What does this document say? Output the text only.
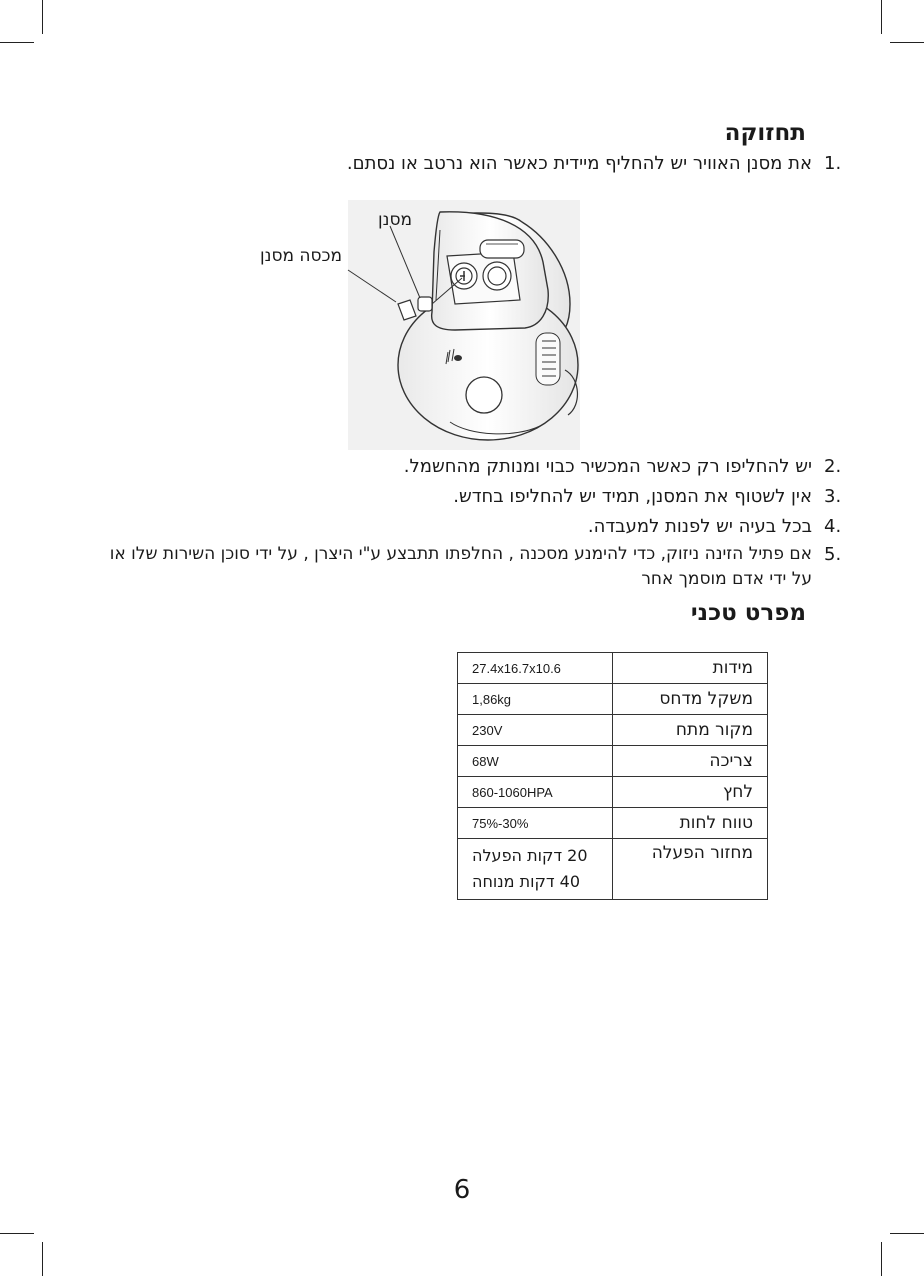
תחזוקה
1.
את מסנן האוויר יש להחליף מיידית כאשר הוא נרטב או נסתם.
מסנן
מכסה מסנן
2.
יש להחליפו רק כאשר המכשיר כבוי ומנותק מהחשמל.
3.
אין לשטוף את המסנן, תמיד יש להחליפו בחדש.
4.
בכל בעיה יש לפנות למעבדה.
5.
אם פתיל הזינה ניזוק, כדי להימנע מסכנה , החלפתו תתבצע ע"י היצרן , על ידי סוכן השירות שלו או
על ידי אדם מוסמך אחר
מפרט טכני
מידות	27.4x16.7x10.6
משקל מדחס	1,86kg
מקור מתח	230V
צריכה	68W
לחץ	860-1060HPA
טווח לחות	30%-75%
מחזור הפעלה	20 דקות הפעלה
40 דקות מנוחה
6
